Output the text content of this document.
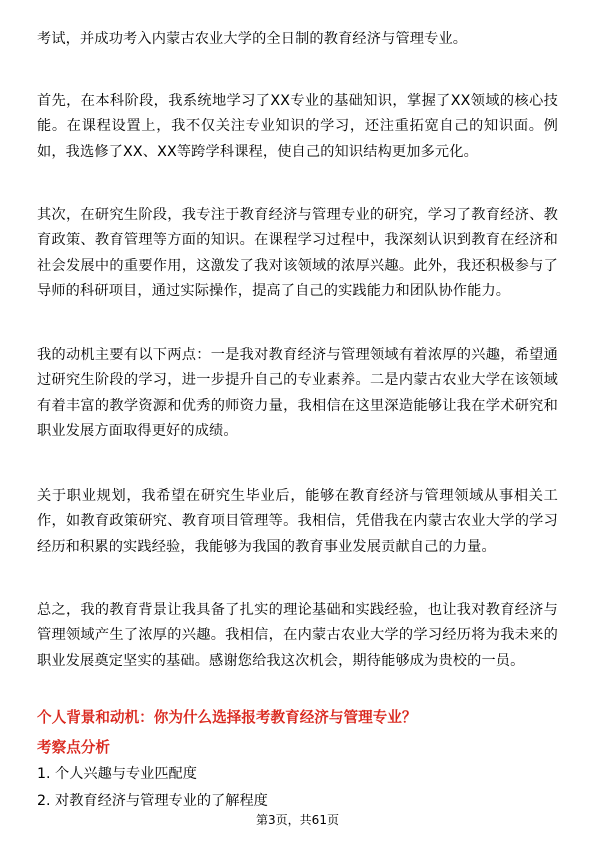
考试，并成功考入内蒙古农业大学的全日制的教育经济与管理专业。

首先，在本科阶段，我系统地学习了XX专业的基础知识，掌握了XX领域的核心技能。在课程设置上，我不仅关注专业知识的学习，还注重拓宽自己的知识面。例如，我选修了XX、XX等跨学科课程，使自己的知识结构更加多元化。

其次，在研究生阶段，我专注于教育经济与管理专业的研究，学习了教育经济、教育政策、教育管理等方面的知识。在课程学习过程中，我深刻认识到教育在经济和社会发展中的重要作用，这激发了我对该领域的浓厚兴趣。此外，我还积极参与了导师的科研项目，通过实际操作，提高了自己的实践能力和团队协作能力。

我的动机主要有以下两点：一是我对教育经济与管理领域有着浓厚的兴趣，希望通过研究生阶段的学习，进一步提升自己的专业素养。二是内蒙古农业大学在该领域有着丰富的教学资源和优秀的师资力量，我相信在这里深造能够让我在学术研究和职业发展方面取得更好的成绩。

关于职业规划，我希望在研究生毕业后，能够在教育经济与管理领域从事相关工作，如教育政策研究、教育项目管理等。我相信，凭借我在内蒙古农业大学的学习经历和积累的实践经验，我能够为我国的教育事业发展贡献自己的力量。

总之，我的教育背景让我具备了扎实的理论基础和实践经验，也让我对教育经济与管理领域产生了浓厚的兴趣。我相信，在内蒙古农业大学的学习经历将为我未来的职业发展奠定坚实的基础。感谢您给我这次机会，期待能够成为贵校的一员。

个人背景和动机：你为什么选择报考教育经济与管理专业？

考察点分析

1. 个人兴趣与专业匹配度

2. 对教育经济与管理专业的了解程度

第3页，共61页
